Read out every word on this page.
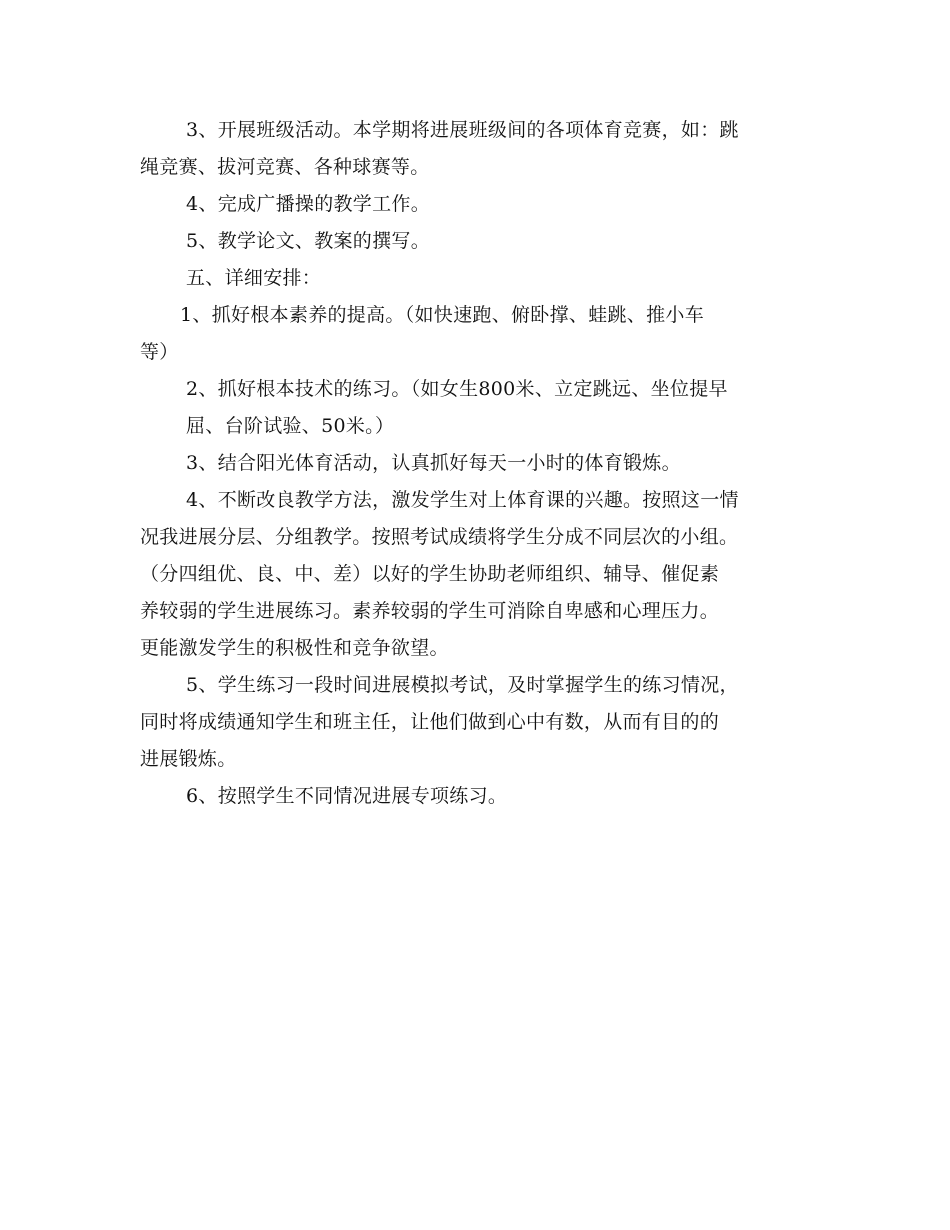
3、开展班级活动。本学期将进展班级间的各项体育竞赛，如：跳
绳竞赛、拔河竞赛、各种球赛等。
4、完成广播操的教学工作。
5、教学论文、教案的撰写。
五、详细安排：
1、抓好根本素养的提高。（如快速跑、俯卧撑、蛙跳、推小车
等）
2、抓好根本技术的练习。（如女生800米、立定跳远、坐位提早
屈、台阶试验、50米。）
3、结合阳光体育活动，认真抓好每天一小时的体育锻炼。
4、不断改良教学方法，激发学生对上体育课的兴趣。按照这一情
况我进展分层、分组教学。按照考试成绩将学生分成不同层次的小组。
（分四组优、良、中、差）以好的学生协助老师组织、辅导、催促素
养较弱的学生进展练习。素养较弱的学生可消除自卑感和心理压力。
更能激发学生的积极性和竞争欲望。
5、学生练习一段时间进展模拟考试，及时掌握学生的练习情况，
同时将成绩通知学生和班主任，让他们做到心中有数，从而有目的的
进展锻炼。
6、按照学生不同情况进展专项练习。
